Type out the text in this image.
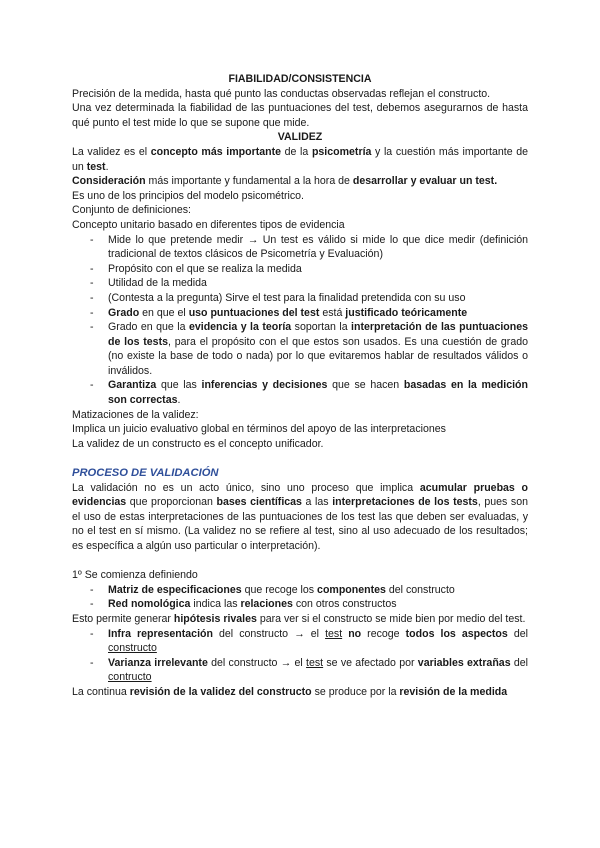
FIABILIDAD/CONSISTENCIA

Precisión de la medida, hasta qué punto las conductas observadas reflejan el constructo.

Una vez determinada la fiabilidad de las puntuaciones del test, debemos asegurarnos de hasta qué punto el test mide lo que se supone que mide.

VALIDEZ

La validez es el concepto más importante de la psicometría y la cuestión más importante de un test.

Consideración más importante y fundamental a la hora de desarrollar y evaluar un test.

Es uno de los principios del modelo psicométrico.

Conjunto de definiciones:

Concepto unitario basado en diferentes tipos de evidencia

- Mide lo que pretende medir → Un test es válido si mide lo que dice medir (definición tradicional de textos clásicos de Psicometría y Evaluación)
- Propósito con el que se realiza la medida
- Utilidad de la medida
- (Contesta a la pregunta) Sirve el test para la finalidad pretendida con su uso
- Grado en que el uso puntuaciones del test está justificado teóricamente
- Grado en que la evidencia y la teoría soportan la interpretación de las puntuaciones de los tests, para el propósito con el que estos son usados. Es una cuestión de grado (no existe la base de todo o nada) por lo que evitaremos hablar de resultados válidos o inválidos.
- Garantiza que las inferencias y decisiones que se hacen basadas en la medición son correctas.

Matizaciones de la validez:

Implica un juicio evaluativo global en términos del apoyo de las interpretaciones

La validez de un constructo es el concepto unificador.

PROCESO DE VALIDACIÓN

La validación no es un acto único, sino uno proceso que implica acumular pruebas o evidencias que proporcionan bases científicas a las interpretaciones de los tests, pues son el uso de estas interpretaciones de las puntuaciones de los test las que deben ser evaluadas, y no el test en sí mismo. (La validez no se refiere al test, sino al uso adecuado de los resultados; es específica a algún uso particular o interpretación).

1º Se comienza definiendo

- Matriz de especificaciones que recoge los componentes del constructo
- Red nomológica indica las relaciones con otros constructos

Esto permite generar hipótesis rivales para ver si el constructo se mide bien por medio del test.

- Infra representación del constructo → el test no recoge todos los aspectos del constructo
- Varianza irrelevante del constructo → el test se ve afectado por variables extrañas del contructo

La continua revisión de la validez del constructo se produce por la revisión de la medida
